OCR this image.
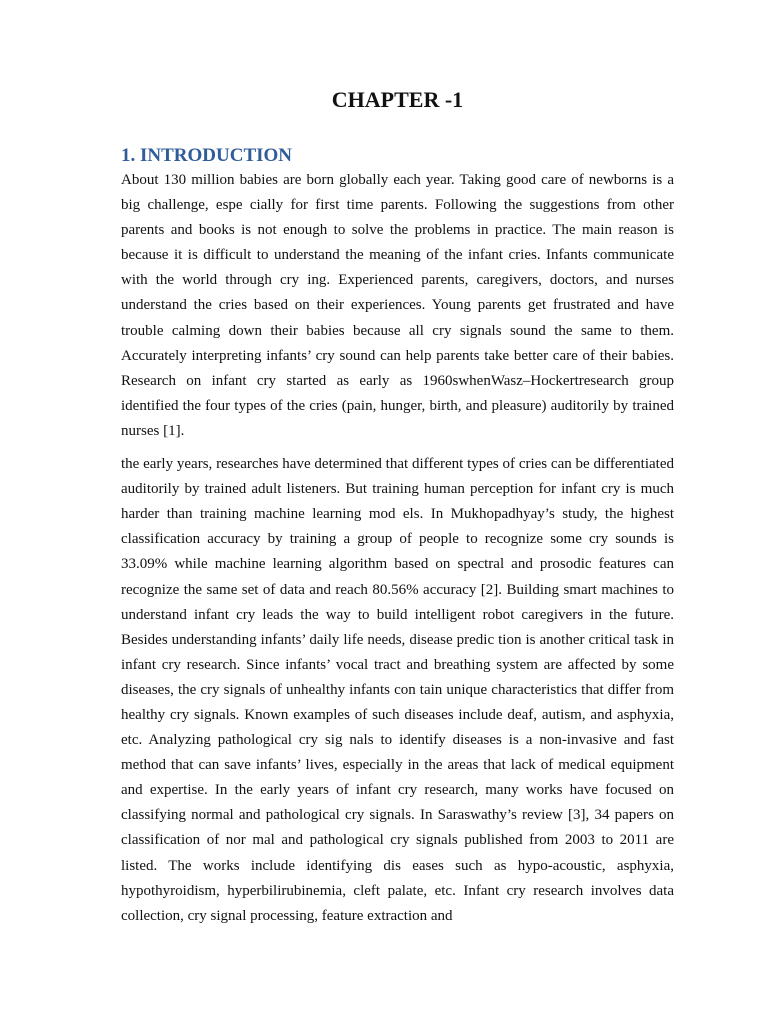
CHAPTER -1
1. INTRODUCTION

About 130 million babies are born globally each year. Taking good care of newborns is a big challenge, espe cially for first time parents. Following the suggestions from other parents and books is not enough to solve the problems in practice. The main reason is because it is difficult to understand the meaning of the infant cries. Infants communicate with the world through cry ing. Experienced parents, caregivers, doctors, and nurses understand the cries based on their experiences. Young parents get frustrated and have trouble calming down their babies because all cry signals sound the same to them. Accurately interpreting infants’ cry sound can help parents take better care of their babies. Research on infant cry started as early as 1960swhenWasz–Hockertresearch group identified the four types of the cries (pain, hunger, birth, and pleasure) auditorily by trained nurses [1].

the early years, researches have determined that different types of cries can be differentiated auditorily by trained adult listeners. But training human perception for infant cry is much harder than training machine learning mod els. In Mukhopadhyay’s study, the highest classification accuracy by training a group of people to recognize some cry sounds is 33.09% while machine learning algorithm based on spectral and prosodic features can recognize the same set of data and reach 80.56% accuracy [2]. Building smart machines to understand infant cry leads the way to build intelligent robot caregivers in the future. Besides understanding infants’ daily life needs, disease predic tion is another critical task in infant cry research. Since infants’ vocal tract and breathing system are affected by some diseases, the cry signals of unhealthy infants con tain unique characteristics that differ from healthy cry signals. Known examples of such diseases include deaf, autism, and asphyxia, etc. Analyzing pathological cry sig nals to identify diseases is a non-invasive and fast method that can save infants’ lives, especially in the areas that lack of medical equipment and expertise. In the early years of infant cry research, many works have focused on classifying normal and pathological cry signals. In Saraswathy’s review [3], 34 papers on classification of nor mal and pathological cry signals published from 2003 to 2011 are listed. The works include identifying dis eases such as hypo-acoustic, asphyxia, hypothyroidism, hyperbilirubinemia, cleft palate, etc. Infant cry research involves data collection, cry signal processing, feature extraction and
